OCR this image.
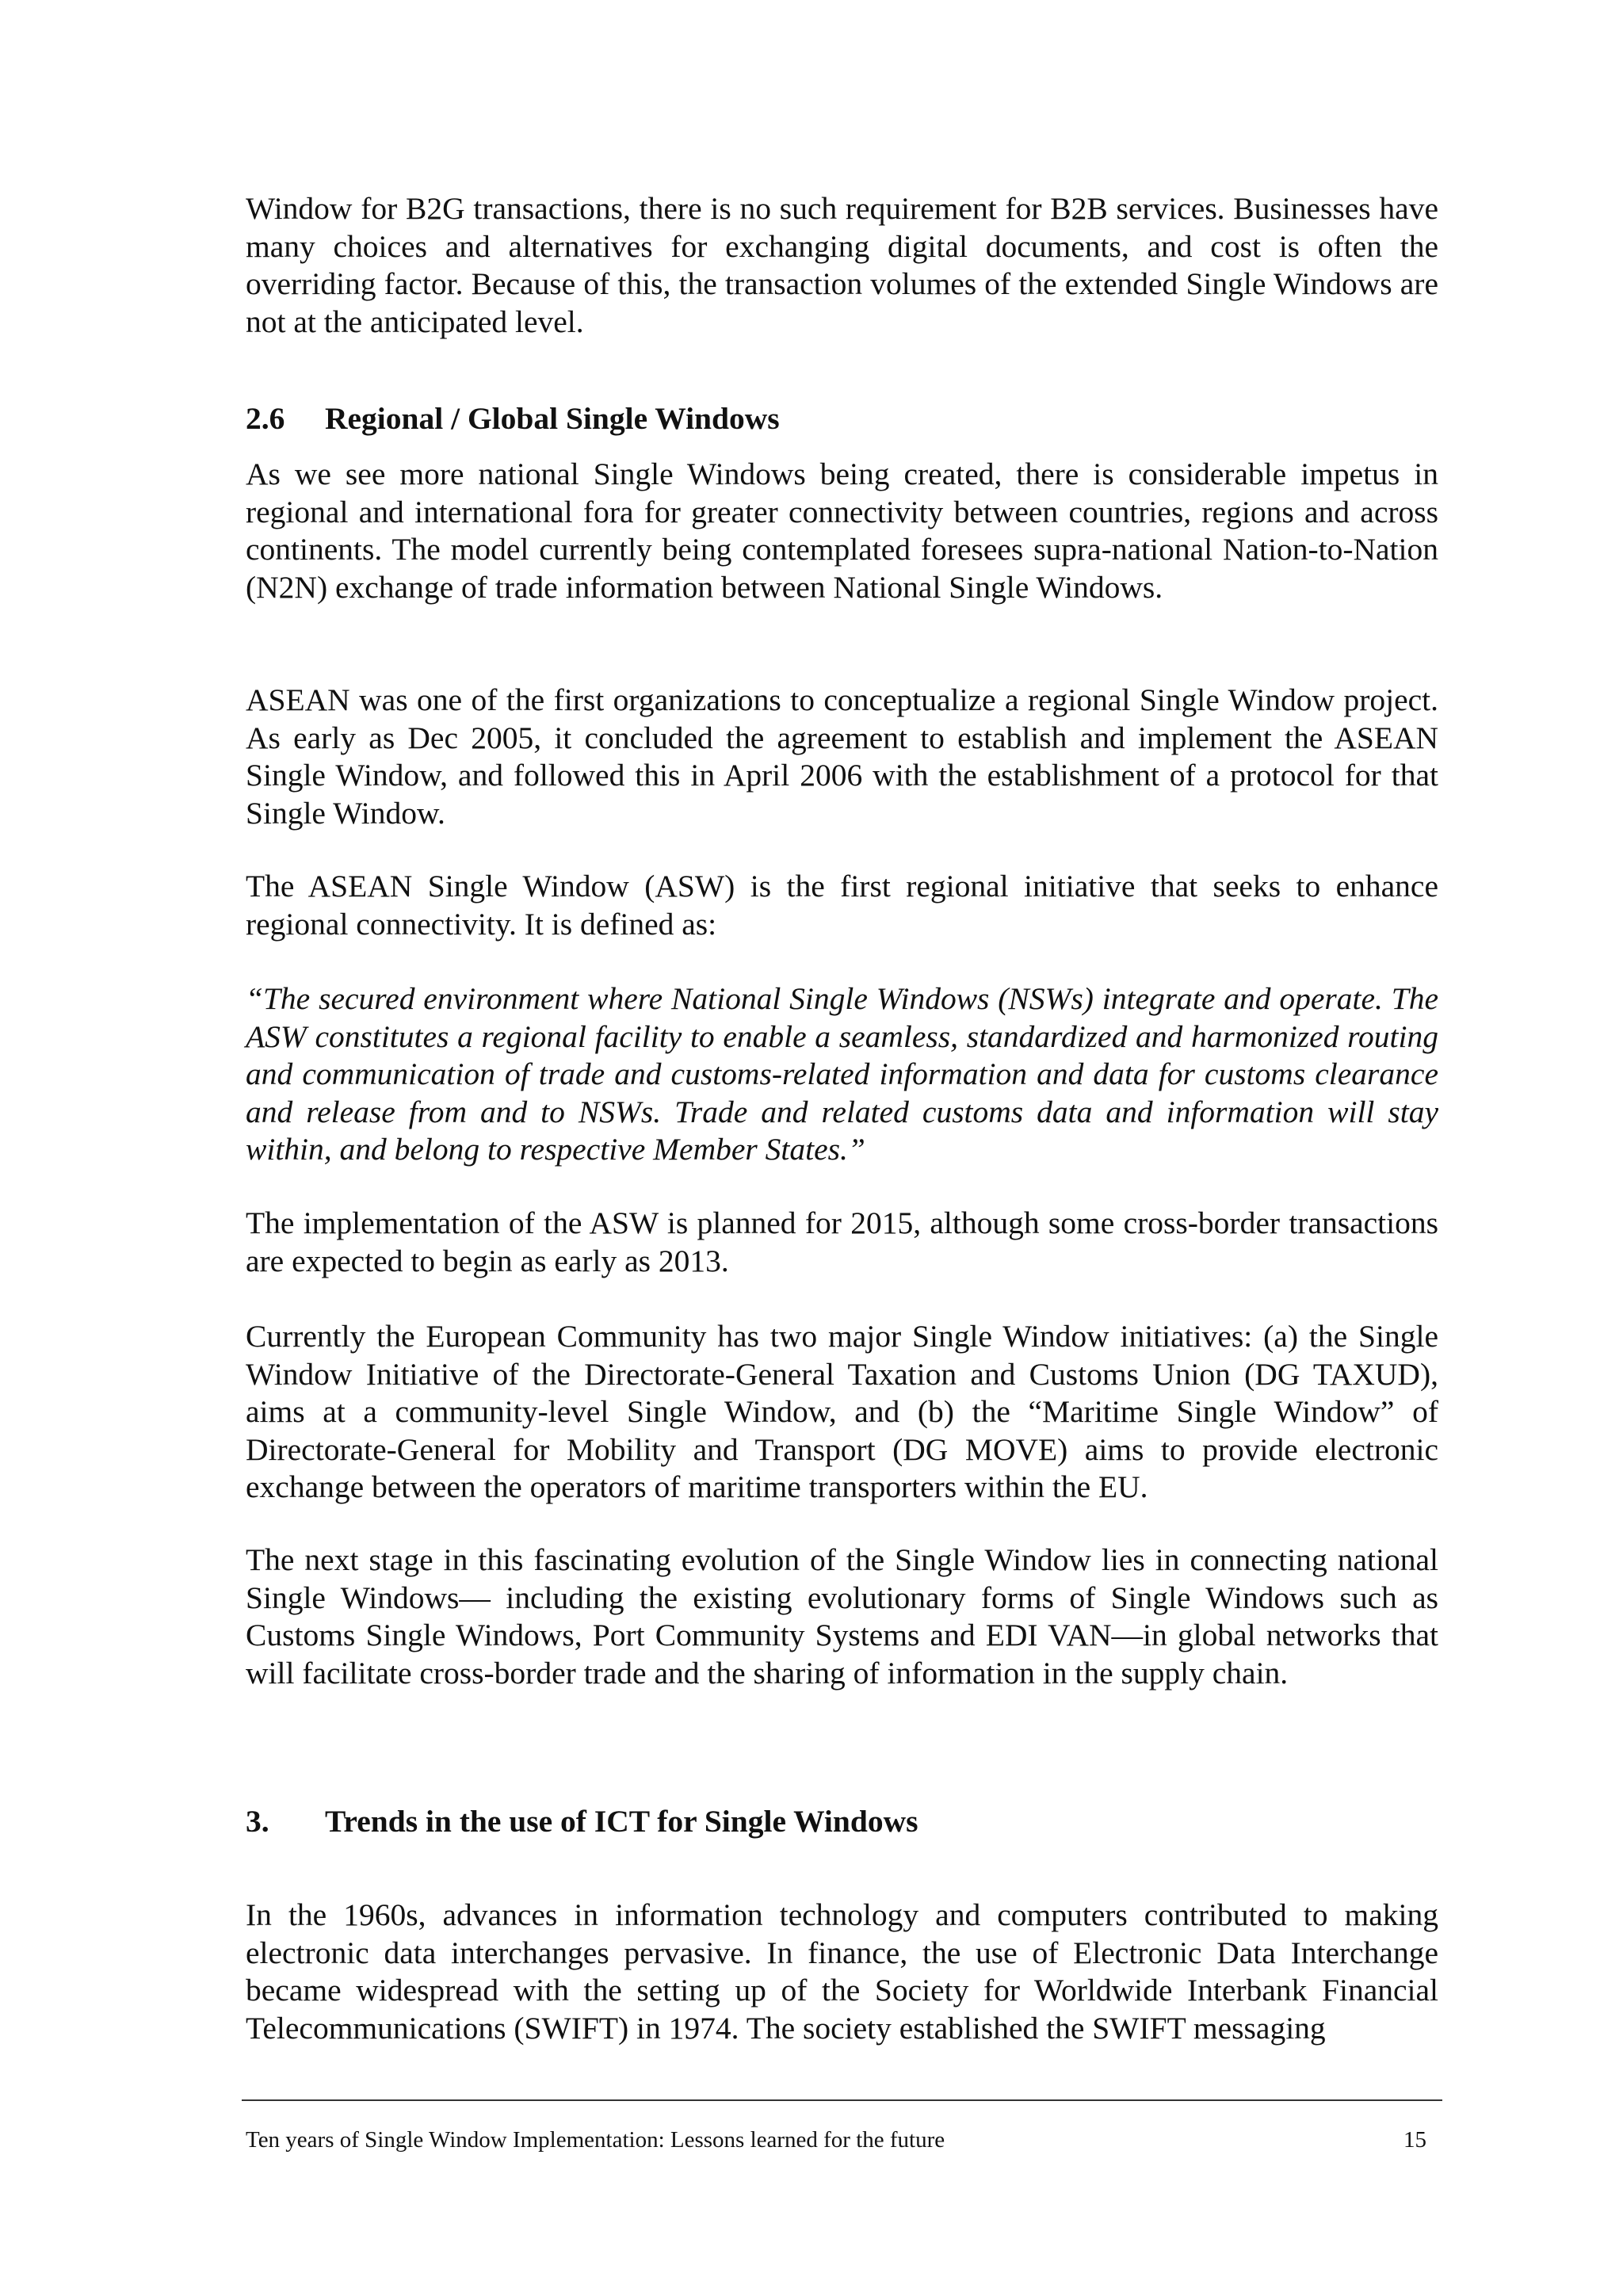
Window for B2G transactions, there is no such requirement for B2B services. Businesses have many choices and alternatives for exchanging digital documents, and cost is often the overriding factor. Because of this, the transaction volumes of the extended Single Windows are not at the anticipated level.

2.6	Regional / Global Single Windows

As we see more national Single Windows being created, there is considerable impetus in regional and international fora for greater connectivity between countries, regions and across continents. The model currently being contemplated foresees supra-national Nation-to-Nation (N2N) exchange of trade information between National Single Windows.

ASEAN was one of the first organizations to conceptualize a regional Single Window project. As early as Dec 2005, it concluded the agreement to establish and implement the ASEAN Single Window, and followed this in April 2006 with the establishment of a protocol for that Single Window.

The ASEAN Single Window (ASW) is the first regional initiative that seeks to enhance regional connectivity. It is defined as:

“The secured environment where National Single Windows (NSWs) integrate and operate. The ASW constitutes a regional facility to enable a seamless, standardized and harmonized routing and communication of trade and customs-related information and data for customs clearance and release from and to NSWs. Trade and related customs data and information will stay within, and belong to respective Member States.”

The implementation of the ASW is planned for 2015, although some cross-border transactions are expected to begin as early as 2013.

Currently the European Community has two major Single Window initiatives: (a) the Single Window Initiative of the Directorate-General Taxation and Customs Union (DG TAXUD), aims at a community-level Single Window, and (b) the “Maritime Single Window” of Directorate-General for Mobility and Transport (DG MOVE) aims to provide electronic exchange between the operators of maritime transporters within the EU.

The next stage in this fascinating evolution of the Single Window lies in connecting national Single Windows— including the existing evolutionary forms of Single Windows such as Customs Single Windows, Port Community Systems and EDI VAN—in global networks that will facilitate cross-border trade and the sharing of information in the supply chain.

3.	Trends in the use of ICT for Single Windows

In the 1960s, advances in information technology and computers contributed to making electronic data interchanges pervasive. In finance, the use of Electronic Data Interchange became widespread with the setting up of the Society for Worldwide Interbank Financial Telecommunications (SWIFT) in 1974. The society established the SWIFT messaging

Ten years of Single Window Implementation: Lessons learned for the future	15
